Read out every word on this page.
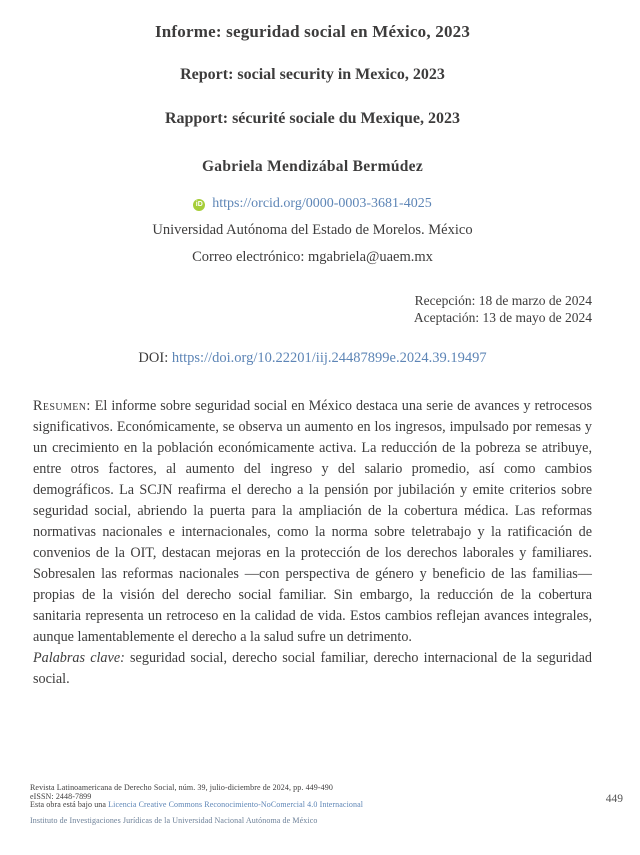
Informe: seguridad social en México, 2023
Report: social security in Mexico, 2023
Rapport: sécurité sociale du Mexique, 2023
Gabriela Mendizábal Bermúdez
iD https://orcid.org/0000-0003-3681-4025
Universidad Autónoma del Estado de Morelos. México
Correo electrónico: mgabriela@uaem.mx
Recepción: 18 de marzo de 2024
Aceptación: 13 de mayo de 2024
DOI: https://doi.org/10.22201/iij.24487899e.2024.39.19497

Resumen: El informe sobre seguridad social en México destaca una serie de avances y retrocesos significativos. Económicamente, se observa un aumento en los ingresos, impulsado por remesas y un crecimiento en la población económicamente activa. La reducción de la pobreza se atribuye, entre otros factores, al aumento del ingreso y del salario promedio, así como cambios demográficos. La SCJN reafirma el derecho a la pensión por jubilación y emite criterios sobre seguridad social, abriendo la puerta para la ampliación de la cobertura médica. Las reformas normativas nacionales e internacionales, como la norma sobre teletrabajo y la ratificación de convenios de la OIT, destacan mejoras en la protección de los derechos laborales y familiares. Sobresalen las reformas nacionales —con perspectiva de género y beneficio de las familias— propias de la visión del derecho social familiar. Sin embargo, la reducción de la cobertura sanitaria representa un retroceso en la calidad de vida. Estos cambios reflejan avances integrales, aunque lamentablemente el derecho a la salud sufre un detrimento.

Palabras clave: seguridad social, derecho social familiar, derecho internacional de la seguridad social.

Revista Latinoamericana de Derecho Social, núm. 39, julio-diciembre de 2024, pp. 449-490
eISSN: 2448-7899
Esta obra está bajo una Licencia Creative Commons Reconocimiento-NoComercial 4.0 Internacional
Instituto de Investigaciones Jurídicas de la Universidad Nacional Autónoma de México
449
